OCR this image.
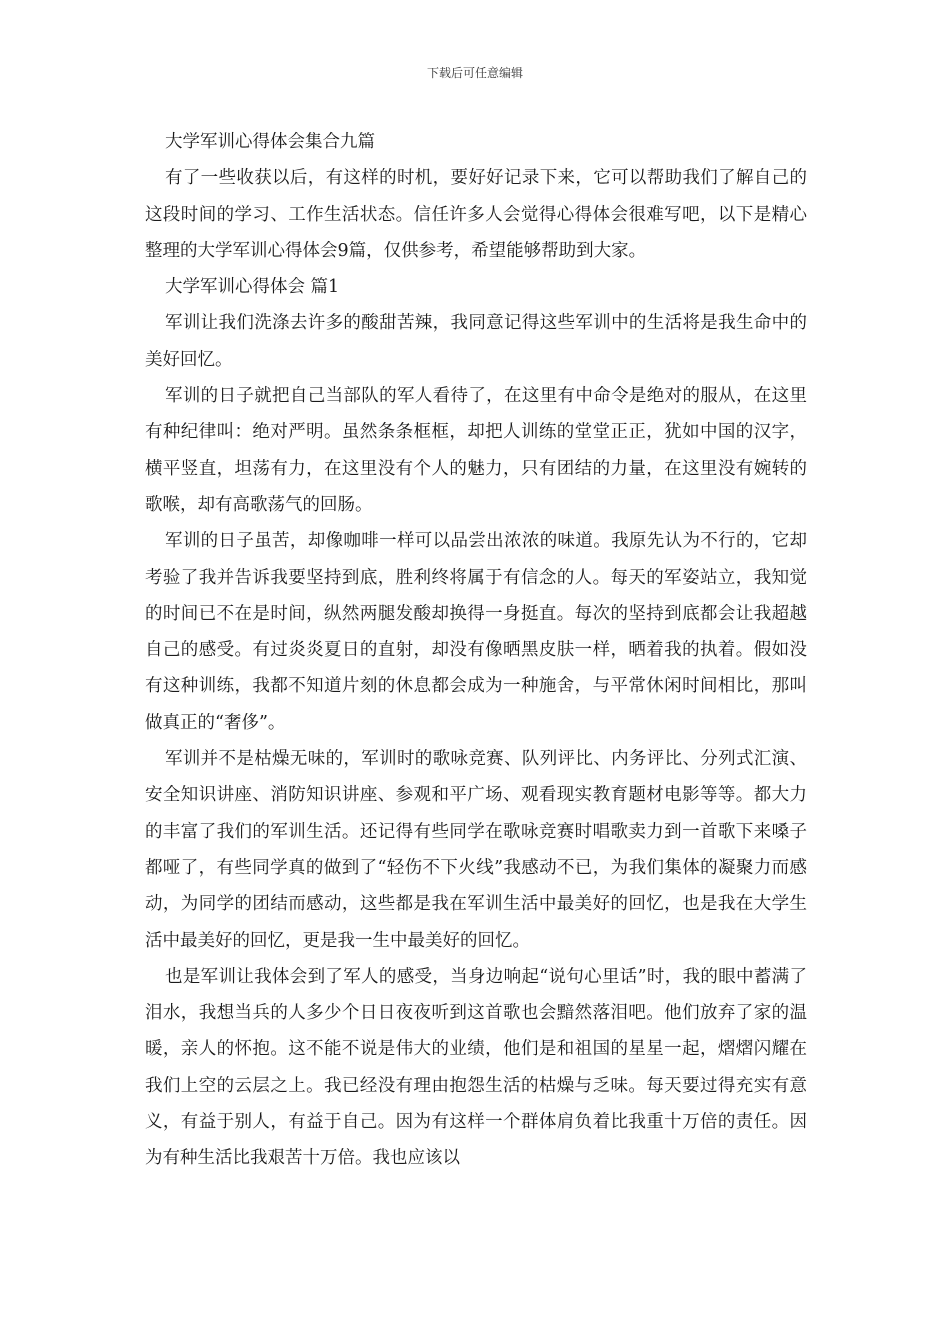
下载后可任意编辑

大学军训心得体会集合九篇

有了一些收获以后，有这样的时机，要好好记录下来，它可以帮助我们了解自己的这段时间的学习、工作生活状态。信任许多人会觉得心得体会很难写吧，以下是精心整理的大学军训心得体会9篇，仅供参考，希望能够帮助到大家。

大学军训心得体会 篇1

军训让我们洗涤去许多的酸甜苦辣，我同意记得这些军训中的生活将是我生命中的美好回忆。

军训的日子就把自己当部队的军人看待了，在这里有中命令是绝对的服从，在这里有种纪律叫：绝对严明。虽然条条框框，却把人训练的堂堂正正，犹如中国的汉字，横平竖直，坦荡有力，在这里没有个人的魅力，只有团结的力量，在这里没有婉转的歌喉，却有高歌荡气的回肠。

军训的日子虽苦，却像咖啡一样可以品尝出浓浓的味道。我原先认为不行的，它却考验了我并告诉我要坚持到底，胜利终将属于有信念的人。每天的军姿站立，我知觉的时间已不在是时间，纵然两腿发酸却换得一身挺直。每次的坚持到底都会让我超越自己的感受。有过炎炎夏日的直射，却没有像晒黑皮肤一样，晒着我的执着。假如没有这种训练，我都不知道片刻的休息都会成为一种施舍，与平常休闲时间相比，那叫做真正的“奢侈”。

军训并不是枯燥无味的，军训时的歌咏竞赛、队列评比、内务评比、分列式汇演、安全知识讲座、消防知识讲座、参观和平广场、观看现实教育题材电影等等。都大力的丰富了我们的军训生活。还记得有些同学在歌咏竞赛时唱歌卖力到一首歌下来嗓子都哑了，有些同学真的做到了“轻伤不下火线”我感动不已，为我们集体的凝聚力而感动，为同学的团结而感动，这些都是我在军训生活中最美好的回忆，也是我在大学生活中最美好的回忆，更是我一生中最美好的回忆。

也是军训让我体会到了军人的感受，当身边响起“说句心里话”时，我的眼中蓄满了泪水，我想当兵的人多少个日日夜夜听到这首歌也会黯然落泪吧。他们放弃了家的温暖，亲人的怀抱。这不能不说是伟大的业绩，他们是和祖国的星星一起，熠熠闪耀在我们上空的云层之上。我已经没有理由抱怨生活的枯燥与乏味。每天要过得充实有意义，有益于别人，有益于自己。因为有这样一个群体肩负着比我重十万倍的责任。因为有种生活比我艰苦十万倍。我也应该以
